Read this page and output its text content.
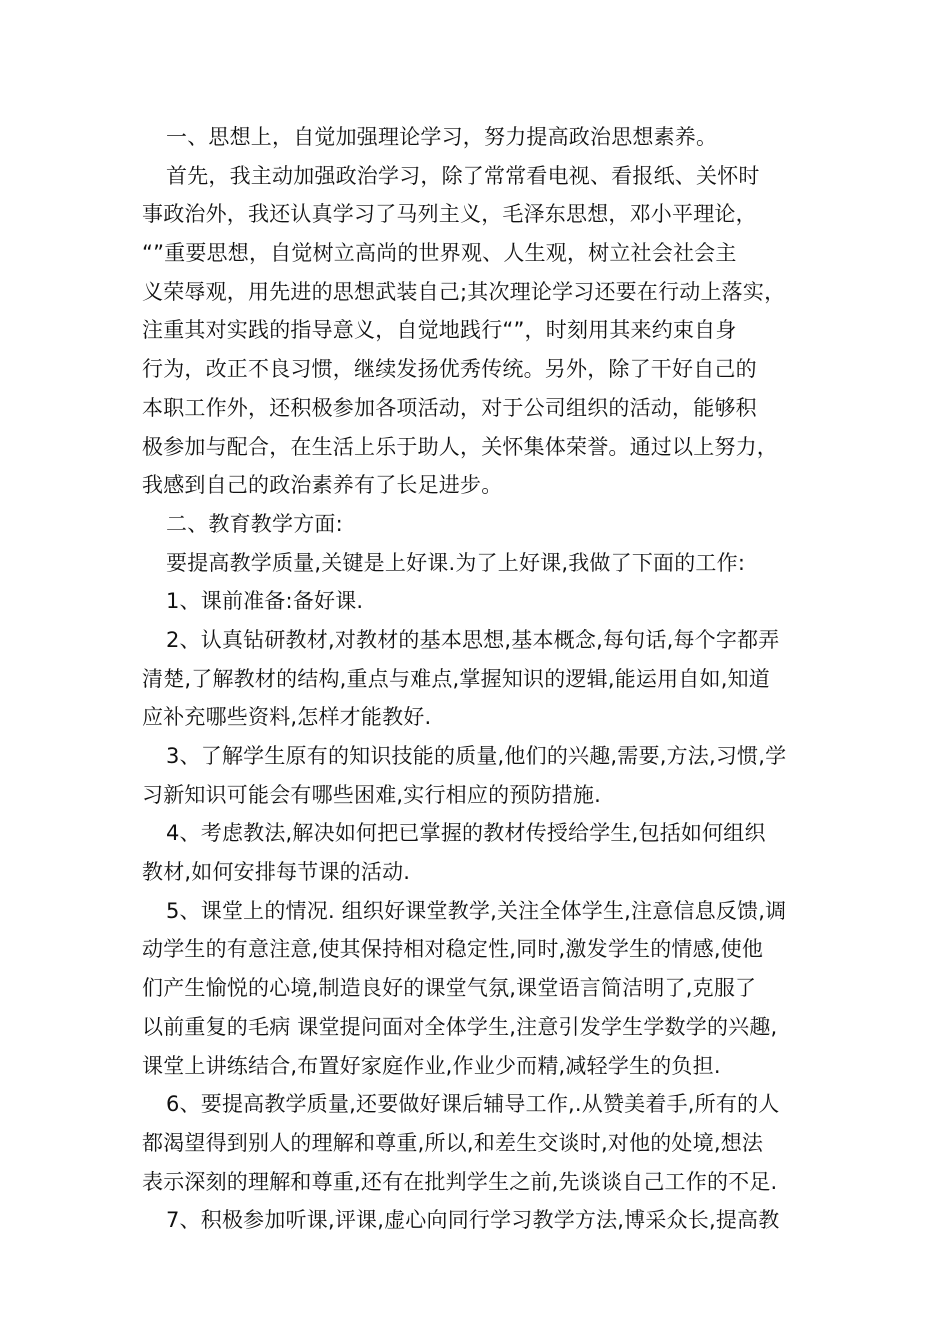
一、思想上，自觉加强理论学习，努力提高政治思想素养。
首先，我主动加强政治学习，除了常常看电视、看报纸、关怀时
事政治外，我还认真学习了马列主义，毛泽东思想，邓小平理论，
“”重要思想，自觉树立高尚的世界观、人生观，树立社会社会主
义荣辱观，用先进的思想武装自己;其次理论学习还要在行动上落实，
注重其对实践的指导意义，自觉地践行“”，时刻用其来约束自身
行为，改正不良习惯，继续发扬优秀传统。另外，除了干好自己的
本职工作外，还积极参加各项活动，对于公司组织的活动，能够积
极参加与配合，在生活上乐于助人，关怀集体荣誉。通过以上努力，
我感到自己的政治素养有了长足进步。
二、教育教学方面:
要提高教学质量,关键是上好课.为了上好课,我做了下面的工作:
1、课前准备:备好课.
2、认真钻研教材,对教材的基本思想,基本概念,每句话,每个字都弄
清楚,了解教材的结构,重点与难点,掌握知识的逻辑,能运用自如,知道
应补充哪些资料,怎样才能教好.
3、了解学生原有的知识技能的质量,他们的兴趣,需要,方法,习惯,学
习新知识可能会有哪些困难,实行相应的预防措施.
4、考虑教法,解决如何把已掌握的教材传授给学生,包括如何组织
教材,如何安排每节课的活动.
5、课堂上的情况. 组织好课堂教学,关注全体学生,注意信息反馈,调
动学生的有意注意,使其保持相对稳定性,同时,激发学生的情感,使他
们产生愉悦的心境,制造良好的课堂气氛,课堂语言简洁明了,克服了
以前重复的毛病 课堂提问面对全体学生,注意引发学生学数学的兴趣,
课堂上讲练结合,布置好家庭作业,作业少而精,减轻学生的负担.
6、要提高教学质量,还要做好课后辅导工作,.从赞美着手,所有的人
都渴望得到别人的理解和尊重,所以,和差生交谈时,对他的处境,想法
表示深刻的理解和尊重,还有在批判学生之前,先谈谈自己工作的不足.
7、积极参加听课,评课,虚心向同行学习教学方法,博采众长,提高教
